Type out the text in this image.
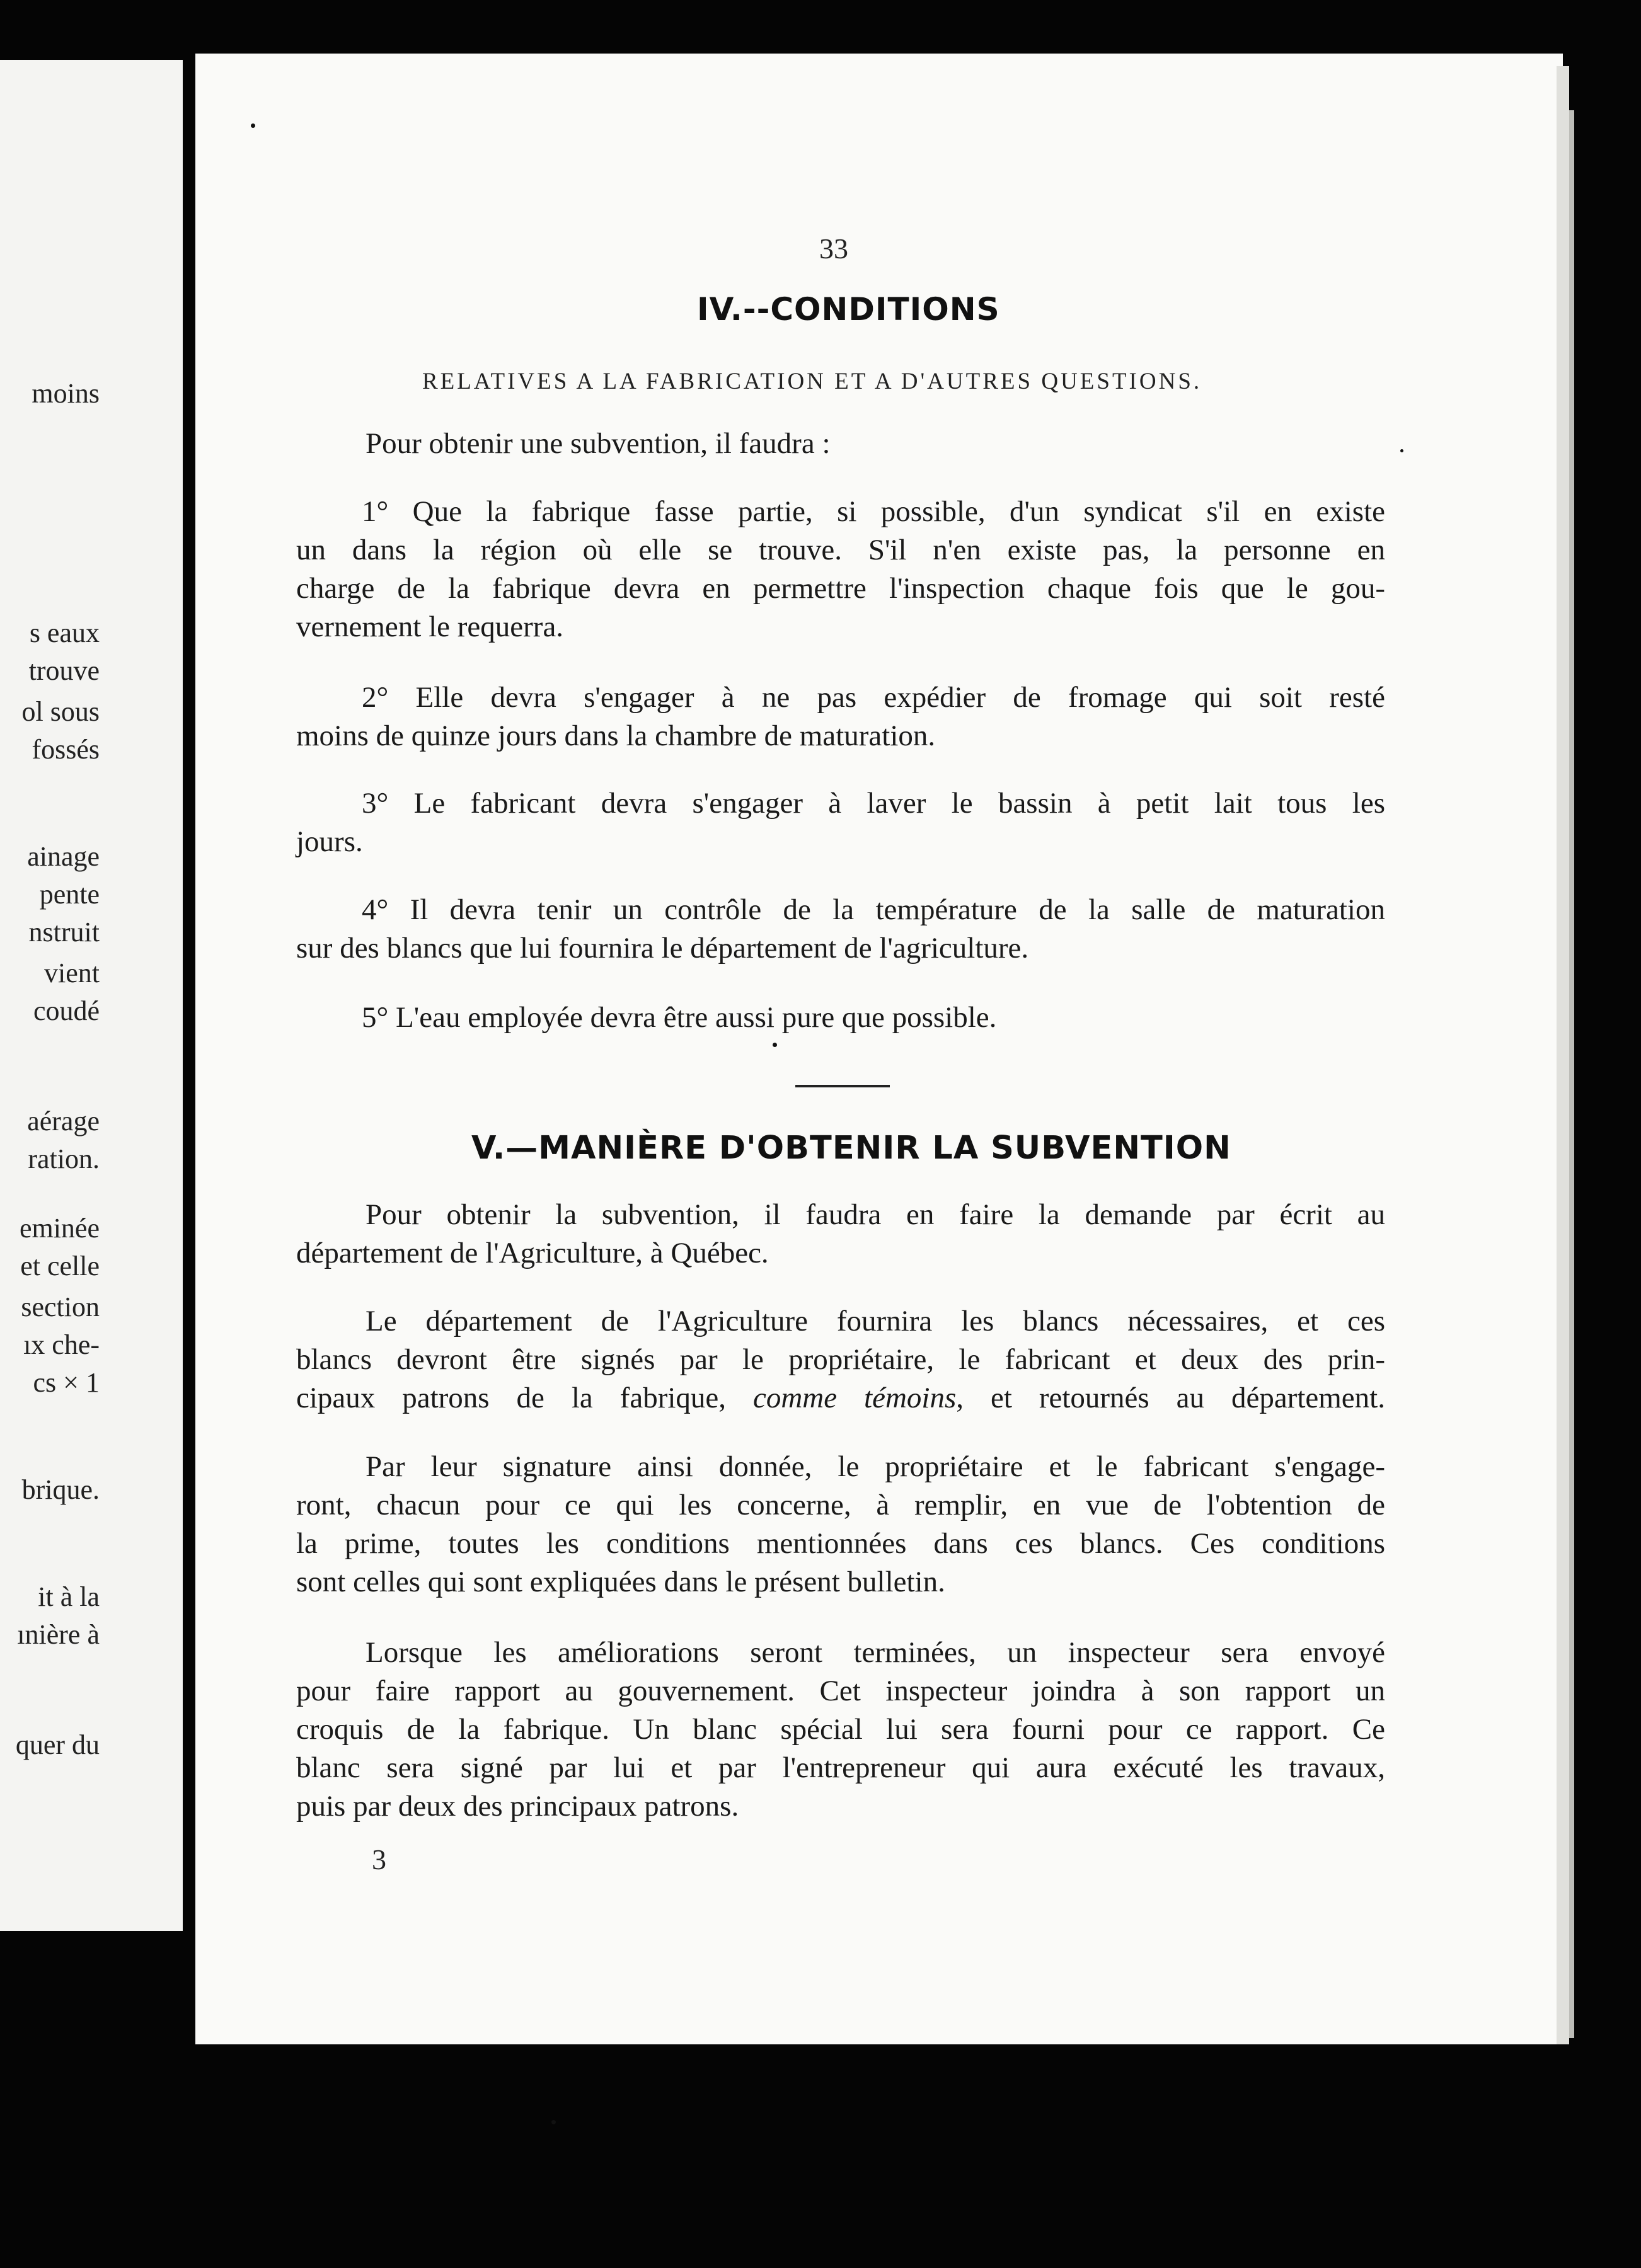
moins
s eaux
trouve
ol sous
fossés
ainage
pente
nstruit
vient
coudé
aérage
ration.
eminée
et celle
section
ıx che-
cs × 1
brique.
it à la
ınière à
quer du
33
IV.--CONDITIONS
RELATIVES A LA FABRICATION ET A D'AUTRES QUESTIONS.
Pour obtenir une subvention, il faudra :
1° Que la fabrique fasse partie, si possible, d'un syndicat s'il en existe
un dans la région où elle se trouve. S'il n'en existe pas, la personne en
charge de la fabrique devra en permettre l'inspection chaque fois que le gou-
vernement le requerra.
2° Elle devra s'engager à ne pas expédier de fromage qui soit resté
moins de quinze jours dans la chambre de maturation.
3° Le fabricant devra s'engager à laver le bassin à petit lait tous les
jours.
4° Il devra tenir un contrôle de la température de la salle de maturation
sur des blancs que lui fournira le département de l'agriculture.
5° L'eau employée devra être aussi pure que possible.
V.—MANIÈRE D'OBTENIR LA SUBVENTION
Pour obtenir la subvention, il faudra en faire la demande par écrit au
département de l'Agriculture, à Québec.
Le département de l'Agriculture fournira les blancs nécessaires, et ces
blancs devront être signés par le propriétaire, le fabricant et deux des prin-
cipaux patrons de la fabrique, comme témoins, et retournés au département.
Par leur signature ainsi donnée, le propriétaire et le fabricant s'engage-
ront, chacun pour ce qui les concerne, à remplir, en vue de l'obtention de
la prime, toutes les conditions mentionnées dans ces blancs. Ces conditions
sont celles qui sont expliquées dans le présent bulletin.
Lorsque les améliorations seront terminées, un inspecteur sera envoyé
pour faire rapport au gouvernement. Cet inspecteur joindra à son rapport un
croquis de la fabrique. Un blanc spécial lui sera fourni pour ce rapport. Ce
blanc sera signé par lui et par l'entrepreneur qui aura exécuté les travaux,
puis par deux des principaux patrons.
3
